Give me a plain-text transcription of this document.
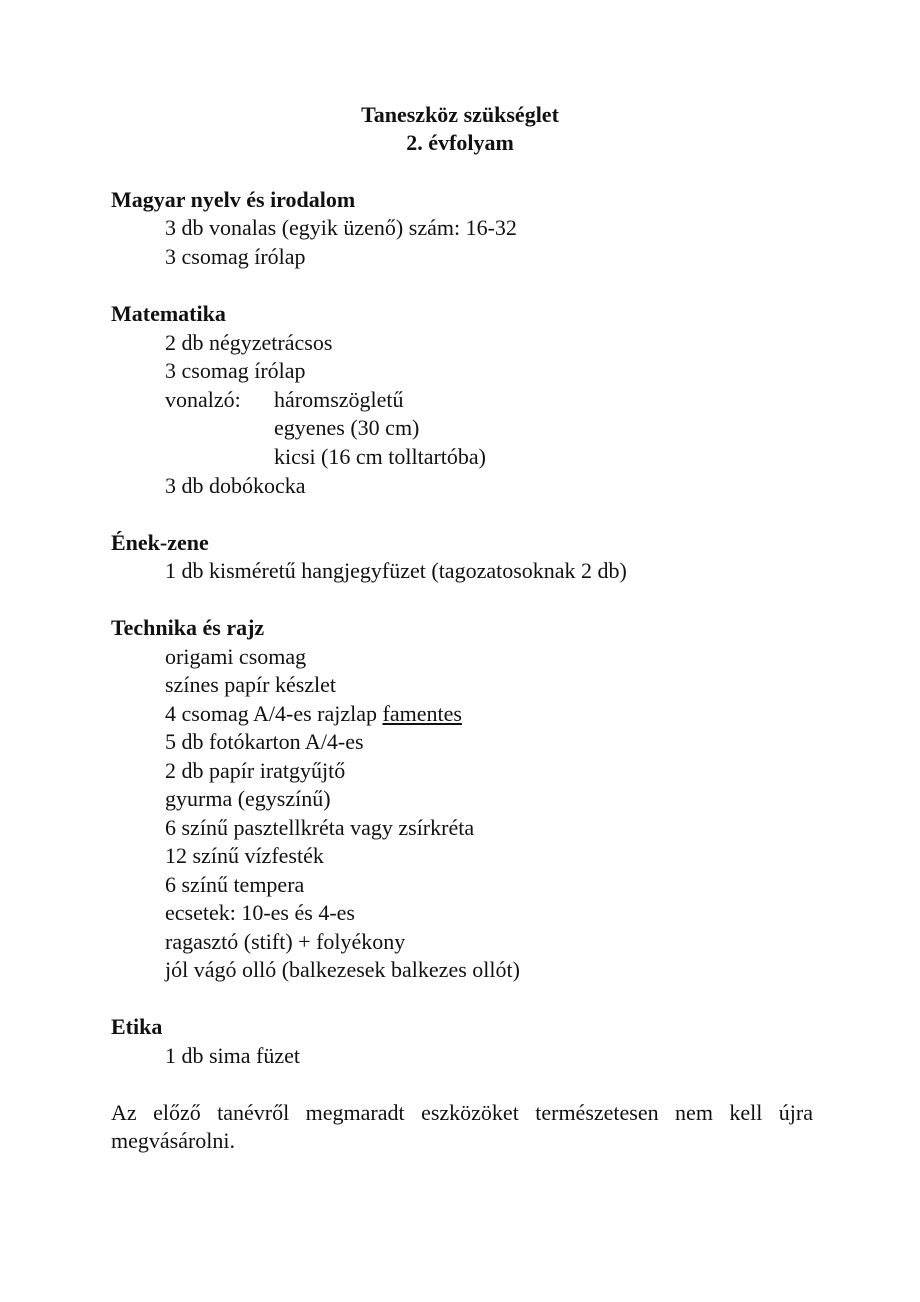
Taneszköz szükséglet
2. évfolyam
Magyar nyelv és irodalom
3 db vonalas (egyik üzenő) szám: 16-32
3 csomag írólap
Matematika
2 db négyzetrácsos
3 csomag írólap
vonalzó: háromszögletű
egyenes (30 cm)
kicsi (16 cm tolltartóba)
3 db dobókocka
Ének-zene
1 db kisméretű hangjegyfüzet (tagozatosoknak 2 db)
Technika és rajz
origami csomag
színes papír készlet
4 csomag A/4-es rajzlap famentes
5 db fotókarton A/4-es
2 db papír iratgyűjtő
gyurma (egyszínű)
6 színű pasztellkréta vagy zsírkréta
12 színű vízfesték
6 színű tempera
ecsetek: 10-es és 4-es
ragasztó (stift) + folyékony
jól vágó olló (balkezesek balkezes ollót)
Etika
1 db sima füzet
Az előző tanévről megmaradt eszközöket természetesen nem kell újra megvásárolni.
